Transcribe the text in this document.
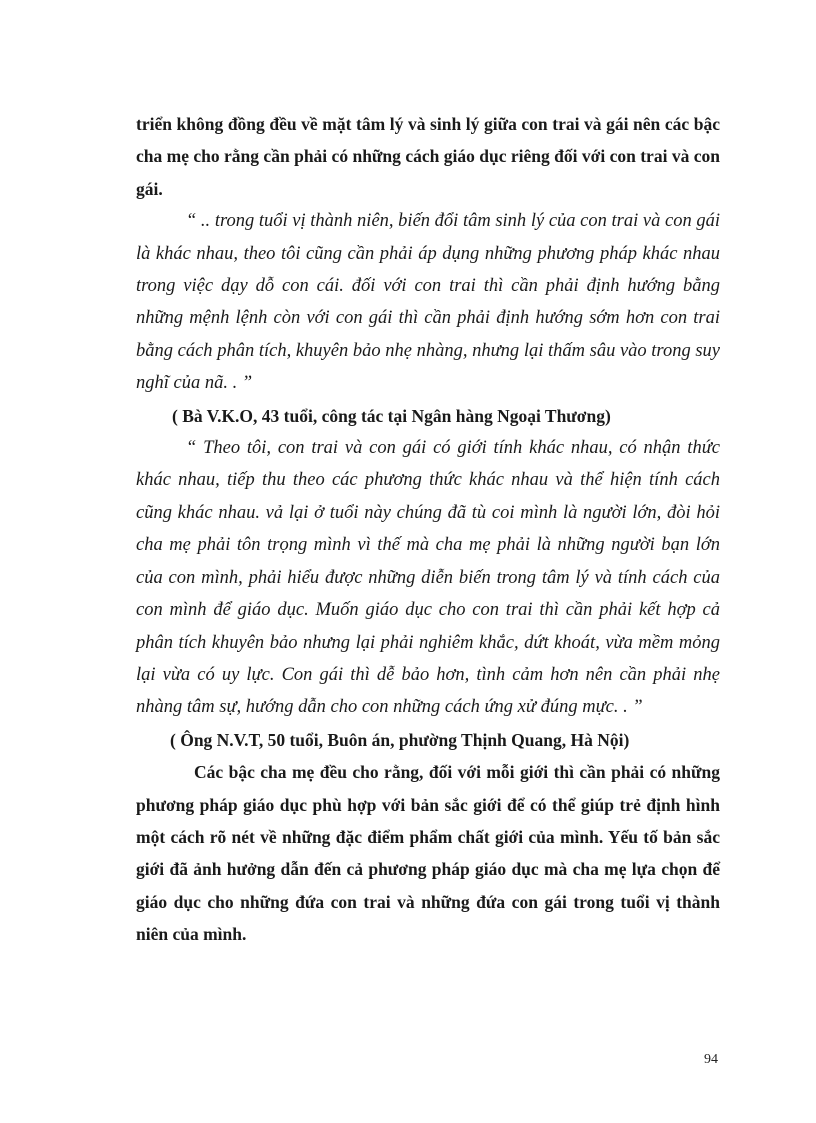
triển không đồng đều về mặt tâm lý và sinh lý giữa con trai và gái nên các bậc cha mẹ cho rằng cần phải có những cách giáo dục riêng đối với con trai và con gái.

“ .. trong tuổi vị thành niên, biến đổi tâm sinh lý của con trai và con gái là khác nhau, theo tôi cũng cần phải áp dụng những phương pháp khác nhau trong việc dạy dỗ con cái. đối với con trai thì cần phải định hướng bằng những mệnh lệnh còn với con gái thì cần phải định hướng sớm hơn con trai bằng cách phân tích, khuyên bảo nhẹ nhàng, nhưng lại thấm sâu vào trong suy nghĩ của nã. . ”

( Bà V.K.O, 43 tuổi, công tác tại Ngân hàng Ngoại Thương)

“ Theo tôi, con trai và con gái có giới tính khác nhau, có nhận thức khác nhau, tiếp thu theo các phương thức khác nhau và thể hiện tính cách cũng khác nhau. vả lại ở tuổi này chúng đã tù coi mình là người lớn, đòi hỏi cha mẹ phải tôn trọng mình vì thế mà cha mẹ phải là những người bạn lớn của con mình, phải hiểu được những diễn biến trong tâm lý và tính cách của con mình để giáo dục. Muốn giáo dục cho con trai thì cần phải kết hợp cả phân tích khuyên bảo nhưng lại phải nghiêm khắc, dứt khoát, vừa mềm mỏng lại vừa có uy lực. Con gái thì dễ bảo hơn, tình cảm hơn nên cần phải nhẹ nhàng tâm sự, hướng dẫn cho con những cách ứng xử đúng mực. . ”

( Ông N.V.T, 50 tuổi, Buôn án, phường Thịnh Quang, Hà Nội)

Các bậc cha mẹ đều cho rằng, đối với mỗi giới thì cần phải có những phương pháp giáo dục phù hợp với bản sắc giới để có thể giúp trẻ định hình một cách rõ nét về những đặc điểm phẩm chất giới của mình. Yếu tố bản sắc giới đã ảnh hưởng dẫn đến cả phương pháp giáo dục mà cha mẹ lựa chọn để giáo dục cho những đứa con trai và những đứa con gái trong tuổi vị thành niên của mình.

94
